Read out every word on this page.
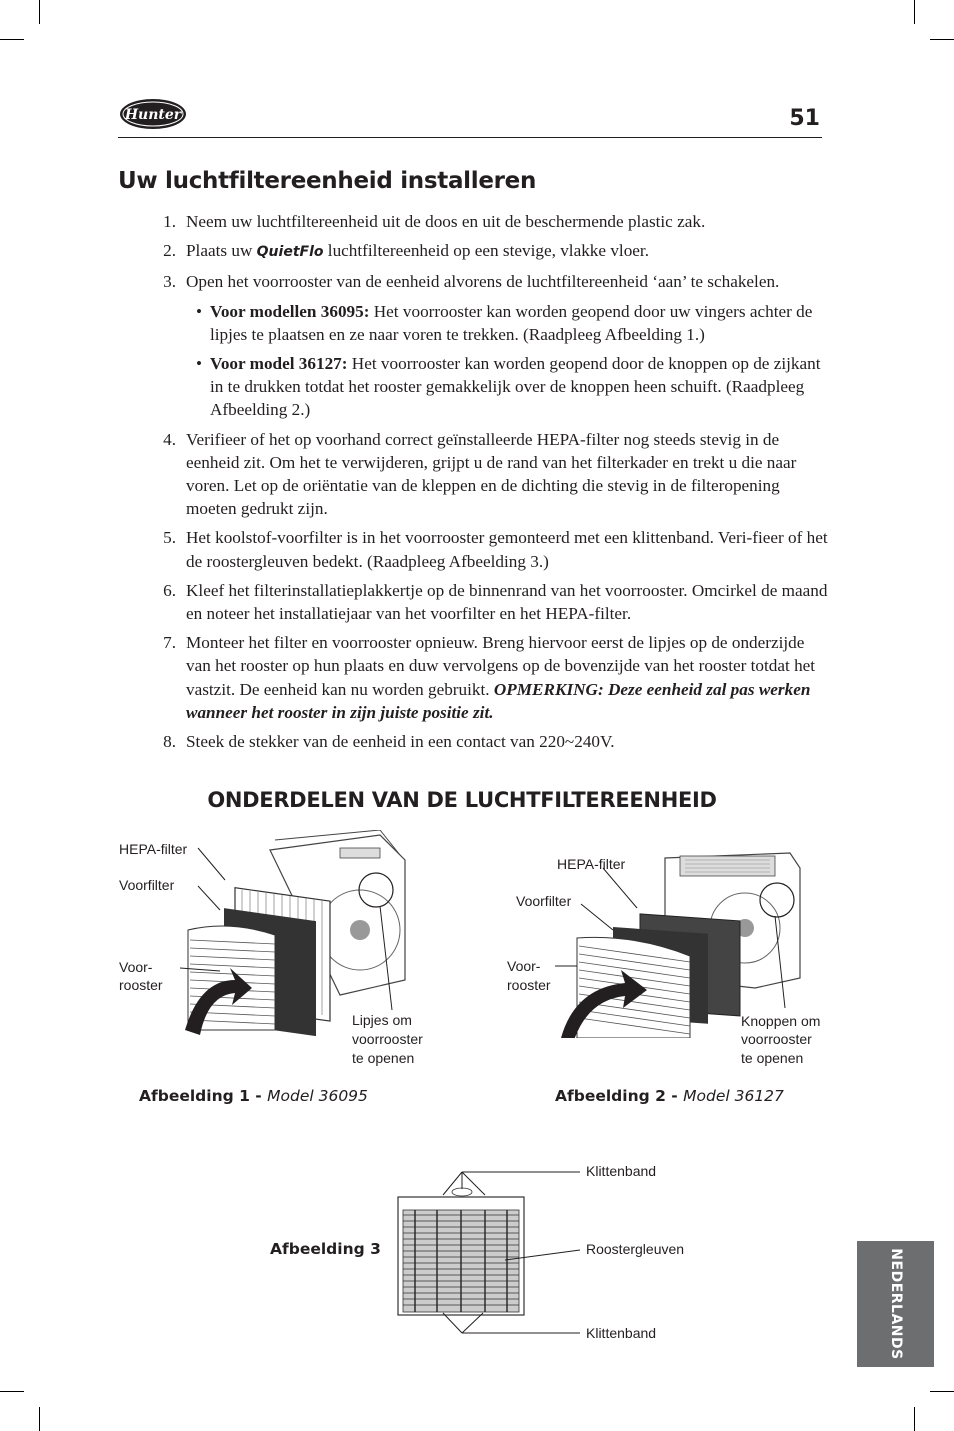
Hunter	51
Uw luchtfiltereenheid installeren
1. Neem uw luchtfiltereenheid uit de doos en uit de beschermende plastic zak.
2. Plaats uw QuietFlo luchtfiltereenheid op een stevige, vlakke vloer.
3. Open het voorrooster van de eenheid alvorens de luchtfiltereenheid ‘aan’ te schakelen.
• Voor modellen 36095: Het voorrooster kan worden geopend door uw vingers achter de lipjes te plaatsen en ze naar voren te trekken. (Raadpleeg Afbeelding 1.)
• Voor model 36127: Het voorrooster kan worden geopend door de knoppen op de zijkant in te drukken totdat het rooster gemakkelijk over de knoppen heen schuift. (Raadpleeg Afbeelding 2.)
4. Verifieer of het op voorhand correct geïnstalleerde HEPA-filter nog steeds stevig in de eenheid zit. Om het te verwijderen, grijpt u de rand van het filterkader en trekt u die naar voren. Let op de oriëntatie van de kleppen en de dichting die stevig in de filteropening moeten gedrukt zijn.
5. Het koolstof-voorfilter is in het voorrooster gemonteerd met een klittenband. Veri-fieer of het de roostergleuven bedekt. (Raadpleeg Afbeelding 3.)
6. Kleef het filterinstallatieplakkertje op de binnenrand van het voorrooster. Omcirkel de maand en noteer het installatiejaar van het voorfilter en het HEPA-filter.
7. Monteer het filter en voorrooster opnieuw. Breng hiervoor eerst de lipjes op de onderzijde van het rooster op hun plaats en duw vervolgens op de bovenzijde van het rooster totdat het vastzit. De eenheid kan nu worden gebruikt. OPMERKING: Deze eenheid zal pas werken wanneer het rooster in zijn juiste positie zit.
8. Steek de stekker van de eenheid in een contact van 220~240V.
ONDERDELEN VAN DE LUCHTFILTEREENHEID
HEPA-filter
Voorfilter
Voor-
rooster
Lipjes om
voorrooster
te openen
Afbeelding 1 - Model 36095
HEPA-filter
Voorfilter
Voor-
rooster
Knoppen om
voorrooster
te openen
Afbeelding 2 - Model 36127
Afbeelding 3
Klittenband
Roostergleuven
Klittenband	NEDERLANDS
